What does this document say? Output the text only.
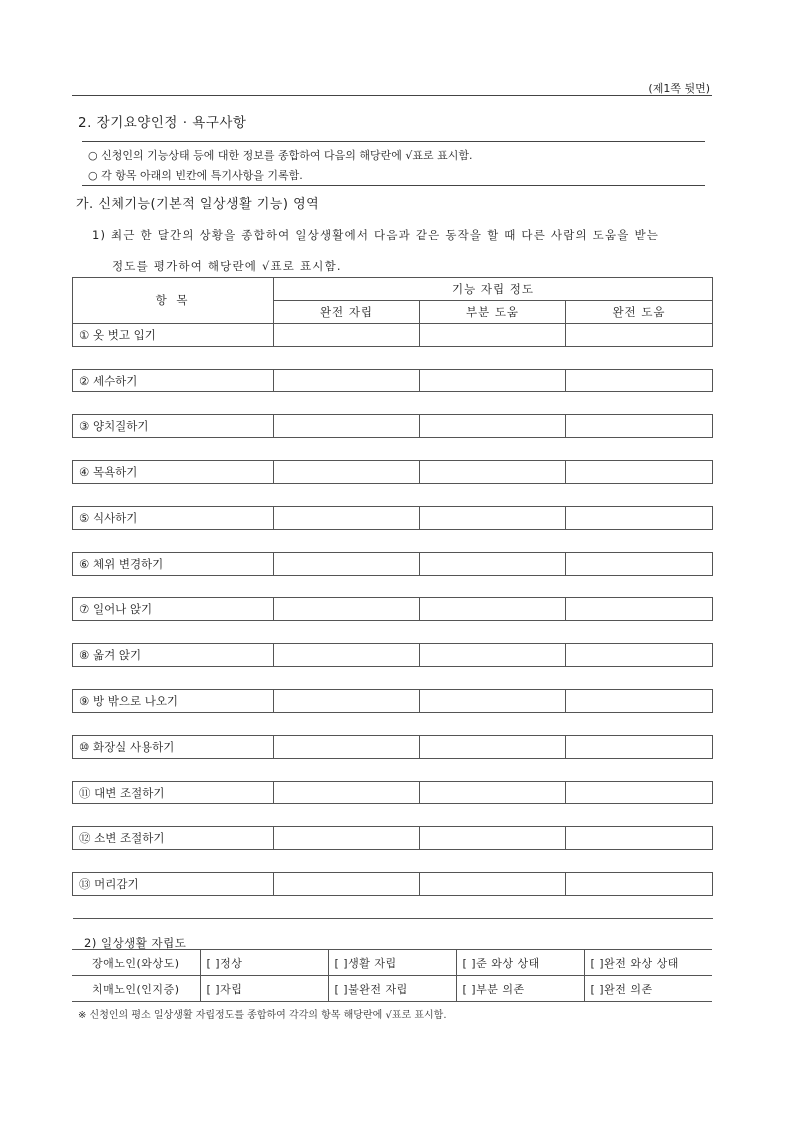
(제1쪽 뒷면)
2. 장기요양인정 · 욕구사항
○ 신청인의 기능상태 등에 대한 정보를 종합하여 다음의 해당란에 √표로 표시함.
○ 각 항목 아래의 빈칸에 특기사항을 기록함.
가. 신체기능(기본적 일상생활 기능) 영역
1) 최근 한 달간의 상황을 종합하여 일상생활에서 다음과 같은 동작을 할 때 다른 사람의 도움을 받는
정도를 평가하여 해당란에 √표로 표시함.
항 목	기능 자립 정도		
	완전 자립	부분 도움	완전 도움
① 옷 벗고 입기			

② 세수하기			

③ 양치질하기			

④ 목욕하기			

⑤ 식사하기			

⑥ 체위 변경하기			

⑦ 일어나 앉기			

⑧ 옮겨 앉기			

⑨ 방 밖으로 나오기			

⑩ 화장실 사용하기			

⑪ 대변 조절하기			

⑫ 소변 조절하기			

⑬ 머리감기			

2) 일상생활 자립도
장애노인(와상도)	[ ]정상	[ ]생활 자립	[ ]준 와상 상태	[ ]완전 와상 상태
치매노인(인지증)	[ ]자립	[ ]불완전 자립	[ ]부분 의존	[ ]완전 의존
※ 신청인의 평소 일상생활 자립정도를 종합하여 각각의 항목 해당란에 √표로 표시함.
